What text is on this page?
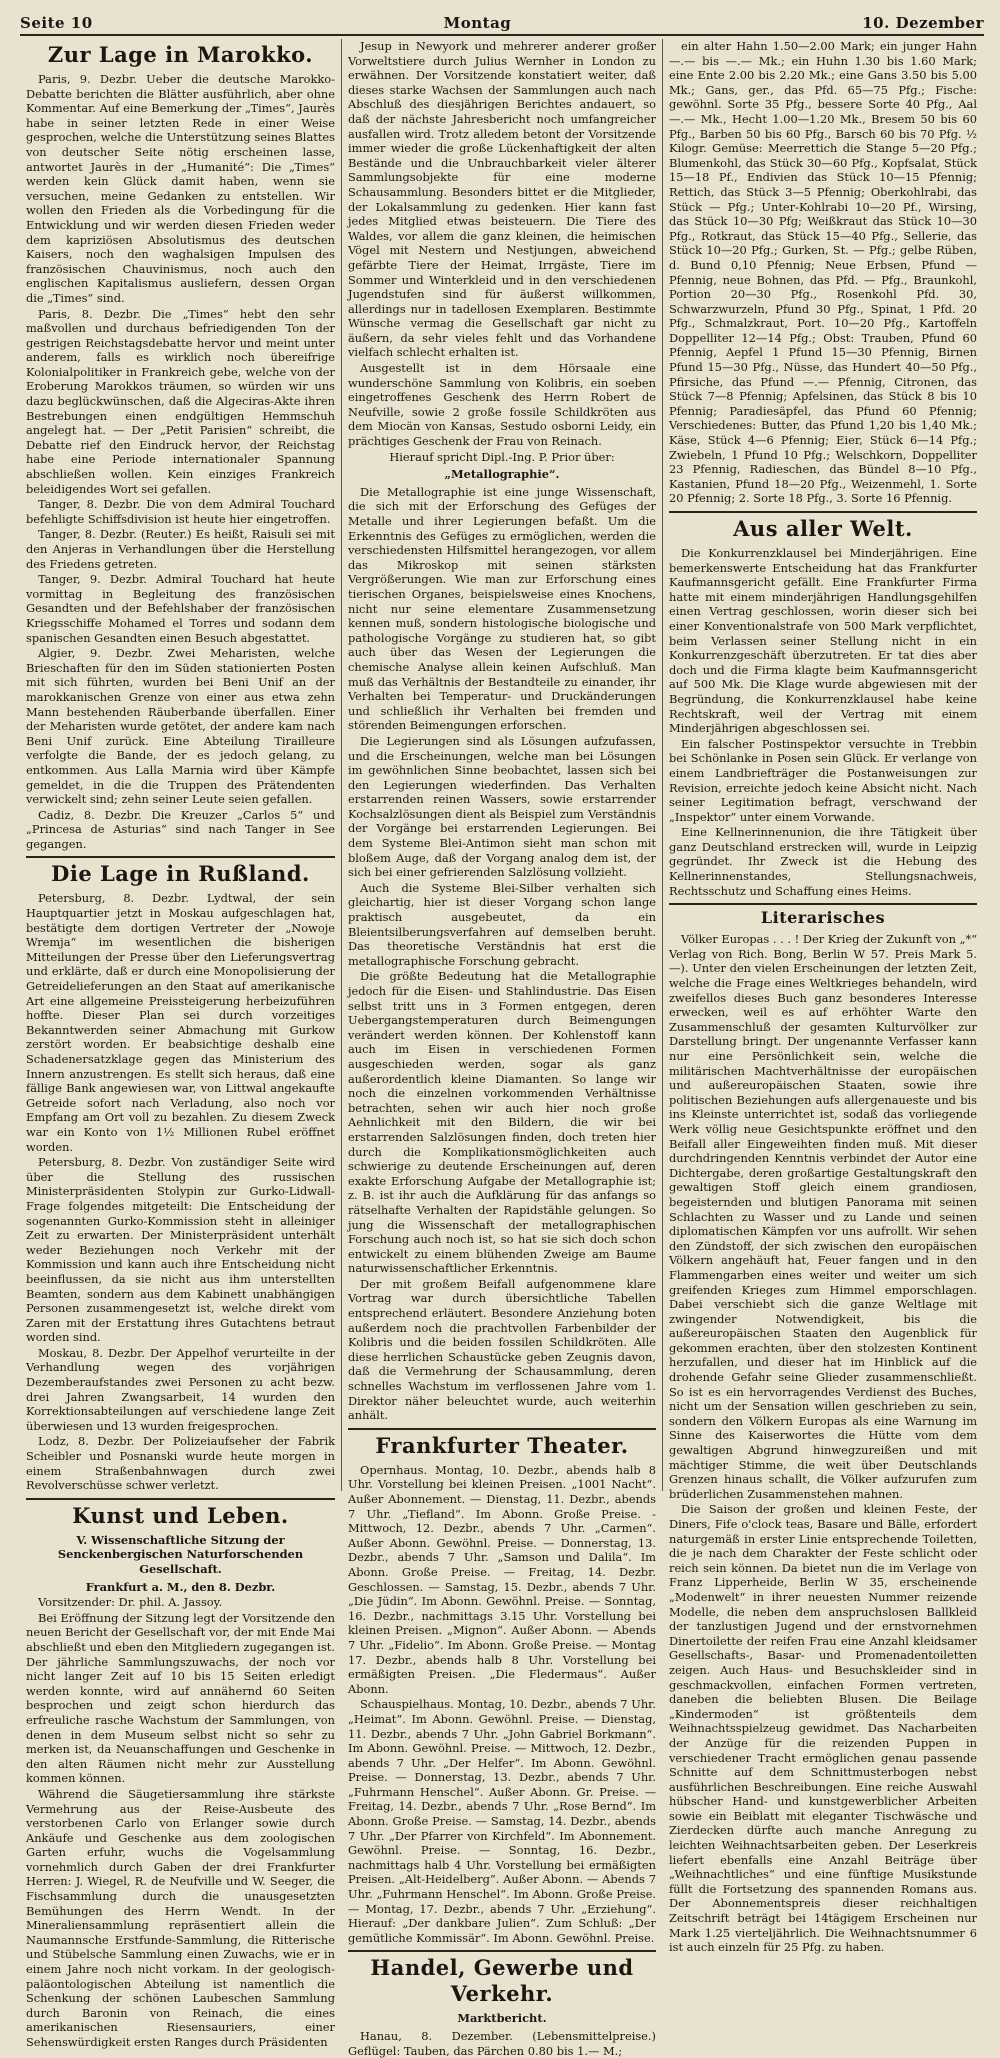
Seite 10	Montag	10. Dezember
Zur Lage in Marokko.

Paris, 9. Dezbr. Ueber die deutsche Marokko-Debatte berichten die Blätter ausführlich, aber ohne Kommentar. Auf eine Bemerkung der „Times“, Jaurès habe in seiner letzten Rede in einer Weise gesprochen, welche die Unterstützung seines Blattes von deutscher Seite nötig erscheinen lasse, antwortet Jaurès in der „Humanité“: Die „Times“ werden kein Glück damit haben, wenn sie versuchen, meine Gedanken zu entstellen. Wir wollen den Frieden als die Vorbedingung für die Entwicklung und wir werden diesen Frieden weder dem kapriziösen Absolutismus des deutschen Kaisers, noch den waghalsigen Impulsen des französischen Chauvinismus, noch auch den englischen Kapitalismus ausliefern, dessen Organ die „Times“ sind.

Paris, 8. Dezbr. Die „Times“ hebt den sehr maßvollen und durchaus befriedigenden Ton der gestrigen Reichstagsdebatte hervor und meint unter anderem, falls es wirklich noch übereifrige Kolonialpolitiker in Frankreich gebe, welche von der Eroberung Marokkos träumen, so würden wir uns dazu beglückwünschen, daß die Algeciras-Akte ihren Bestrebungen einen endgültigen Hemmschuh angelegt hat. — Der „Petit Parisien“ schreibt, die Debatte rief den Eindruck hervor, der Reichstag habe eine Periode internationaler Spannung abschließen wollen. Kein einziges Frankreich beleidigendes Wort sei gefallen.

Tanger, 8. Dezbr. Die von dem Admiral Touchard befehligte Schiffsdivision ist heute hier eingetroffen.

Tanger, 8. Dezbr. (Reuter.) Es heißt, Raisuli sei mit den Anjeras in Verhandlungen über die Herstellung des Friedens getreten.

Tanger, 9. Dezbr. Admiral Touchard hat heute vormittag in Begleitung des französischen Gesandten und der Befehlshaber der französischen Kriegsschiffe Mohamed el Torres und sodann dem spanischen Gesandten einen Besuch abgestattet.

Algier, 9. Dezbr. Zwei Meharisten, welche Brieschaften für den im Süden stationierten Posten mit sich führten, wurden bei Beni Unif an der marokkanischen Grenze von einer aus etwa zehn Mann bestehenden Räuberbande überfallen. Einer der Meharisten wurde getötet, der andere kam nach Beni Unif zurück. Eine Abteilung Tirailleure verfolgte die Bande, der es jedoch gelang, zu entkommen. Aus Lalla Marnia wird über Kämpfe gemeldet, in die die Truppen des Prätendenten verwickelt sind; zehn seiner Leute seien gefallen.

Cadiz, 8. Dezbr. Die Kreuzer „Carlos 5“ und „Princesa de Asturias“ sind nach Tanger in See gegangen.

Die Lage in Rußland.

Petersburg, 8. Dezbr. Lydtwal, der sein Hauptquartier jetzt in Moskau aufgeschlagen hat, bestätigte dem dortigen Vertreter der „Nowoje Wremja“ im wesentlichen die bisherigen Mitteilungen der Presse über den Lieferungsvertrag und erklärte, daß er durch eine Monopolisierung der Getreidelieferungen an den Staat auf amerikanische Art eine allgemeine Preissteigerung herbeizuführen hoffte. Dieser Plan sei durch vorzeitiges Bekanntwerden seiner Abmachung mit Gurkow zerstört worden. Er beabsichtige deshalb eine Schadenersatzklage gegen das Ministerium des Innern anzustrengen. Es stellt sich heraus, daß eine fällige Bank angewiesen war, von Littwal angekaufte Getreide sofort nach Verladung, also noch vor Empfang am Ort voll zu bezahlen. Zu diesem Zweck war ein Konto von 1½ Millionen Rubel eröffnet worden.

Petersburg, 8. Dezbr. Von zuständiger Seite wird über die Stellung des russischen Ministerpräsidenten Stolypin zur Gurko-Lidwall-Frage folgendes mitgeteilt: Die Entscheidung der sogenannten Gurko-Kommission steht in alleiniger Zeit zu erwarten. Der Ministerpräsident unterhält weder Beziehungen noch Verkehr mit der Kommission und kann auch ihre Entscheidung nicht beeinflussen, da sie nicht aus ihm unterstellten Beamten, sondern aus dem Kabinett unabhängigen Personen zusammengesetzt ist, welche direkt vom Zaren mit der Erstattung ihres Gutachtens betraut worden sind.

Moskau, 8. Dezbr. Der Appelhof verurteilte in der Verhandlung wegen des vorjährigen Dezemberaufstandes zwei Personen zu acht bezw. drei Jahren Zwangsarbeit, 14 wurden den Korrektionsabteilungen auf verschiedene lange Zeit überwiesen und 13 wurden freigesprochen.

Lodz, 8. Dezbr. Der Polizeiaufseher der Fabrik Scheibler und Posnanski wurde heute morgen in einem Straßenbahnwagen durch zwei Revolverschüsse schwer verletzt.

Kunst und Leben.
V. Wissenschaftliche Sitzung der Senckenbergischen Naturforschenden Gesellschaft.

Frankfurt a. M., den 8. Dezbr.

Vorsitzender: Dr. phil. A. Jassoy.

Bei Eröffnung der Sitzung legt der Vorsitzende den neuen Bericht der Gesellschaft vor, der mit Ende Mai abschließt und eben den Mitgliedern zugegangen ist. Der jährliche Sammlungszuwachs, der noch vor nicht langer Zeit auf 10 bis 15 Seiten erledigt werden konnte, wird auf annähernd 60 Seiten besprochen und zeigt schon hierdurch das erfreuliche rasche Wachstum der Sammlungen, von denen in dem Museum selbst nicht so sehr zu merken ist, da Neuanschaffungen und Geschenke in den alten Räumen nicht mehr zur Ausstellung kommen können.

Während die Säugetiersammlung ihre stärkste Vermehrung aus der Reise-Ausbeute des verstorbenen Carlo von Erlanger sowie durch Ankäufe und Geschenke aus dem zoologischen Garten erfuhr, wuchs die Vogelsammlung vornehmlich durch Gaben der drei Frankfurter Herren: J. Wiegel, R. de Neufville und W. Seeger, die Fischsammlung durch die unausgesetzten Bemühungen des Herrn Wendt. In der Mineraliensammlung repräsentiert allein die Naumannsche Erstfunde-Sammlung, die Ritterische und Stübelsche Sammlung einen Zuwachs, wie er in einem Jahre noch nicht vorkam. In der geologisch-paläontologischen Abteilung ist namentlich die Schenkung der schönen Laubeschen Sammlung durch Baronin von Reinach, die eines amerikanischen Riesensauriers, einer Sehenswürdigkeit ersten Ranges durch Präsidenten

Jesup in Newyork und mehrerer anderer großer Vorweltstiere durch Julius Wernher in London zu erwähnen. Der Vorsitzende konstatiert weiter, daß dieses starke Wachsen der Sammlungen auch nach Abschluß des diesjährigen Berichtes andauert, so daß der nächste Jahresbericht noch umfangreicher ausfallen wird. Trotz alledem betont der Vorsitzende immer wieder die große Lückenhaftigkeit der alten Bestände und die Unbrauchbarkeit vieler älterer Sammlungsobjekte für eine moderne Schausammlung. Besonders bittet er die Mitglieder, der Lokalsammlung zu gedenken. Hier kann fast jedes Mitglied etwas beisteuern. Die Tiere des Waldes, vor allem die ganz kleinen, die heimischen Vögel mit Nestern und Nestjungen, abweichend gefärbte Tiere der Heimat, Irrgäste, Tiere im Sommer und Winterkleid und in den verschiedenen Jugendstufen sind für äußerst willkommen, allerdings nur in tadellosen Exemplaren. Bestimmte Wünsche vermag die Gesellschaft gar nicht zu äußern, da sehr vieles fehlt und das Vorhandene vielfach schlecht erhalten ist.

Ausgestellt ist in dem Hörsaale eine wunderschöne Sammlung von Kolibris, ein soeben eingetroffenes Geschenk des Herrn Robert de Neufville, sowie 2 große fossile Schildkröten aus dem Miocän von Kansas, Sestudo osborni Leidy, ein prächtiges Geschenk der Frau von Reinach.

Hierauf spricht Dipl.-Ing. P. Prior über:

„Metallographie“.

Die Metallographie ist eine junge Wissenschaft, die sich mit der Erforschung des Gefüges der Metalle und ihrer Legierungen befaßt. Um die Erkenntnis des Gefüges zu ermöglichen, werden die verschiedensten Hilfsmittel herangezogen, vor allem das Mikroskop mit seinen stärksten Vergrößerungen. Wie man zur Erforschung eines tierischen Organes, beispielsweise eines Knochens, nicht nur seine elementare Zusammensetzung kennen muß, sondern histologische biologische und pathologische Vorgänge zu studieren hat, so gibt auch über das Wesen der Legierungen die chemische Analyse allein keinen Aufschluß. Man muß das Verhältnis der Bestandteile zu einander, ihr Verhalten bei Temperatur- und Druckänderungen und schließlich ihr Verhalten bei fremden und störenden Beimengungen erforschen.

Die Legierungen sind als Lösungen aufzufassen, und die Erscheinungen, welche man bei Lösungen im gewöhnlichen Sinne beobachtet, lassen sich bei den Legierungen wiederfinden. Das Verhalten erstarrenden reinen Wassers, sowie erstarrender Kochsalzlösungen dient als Beispiel zum Verständnis der Vorgänge bei erstarrenden Legierungen. Bei dem Systeme Blei-Antimon sieht man schon mit bloßem Auge, daß der Vorgang analog dem ist, der sich bei einer gefrierenden Salzlösung vollzieht.

Auch die Systeme Blei-Silber verhalten sich gleichartig, hier ist dieser Vorgang schon lange praktisch ausgebeutet, da ein Bleientsilberungsverfahren auf demselben beruht. Das theoretische Verständnis hat erst die metallographische Forschung gebracht.

Die größte Bedeutung hat die Metallographie jedoch für die Eisen- und Stahlindustrie. Das Eisen selbst tritt uns in 3 Formen entgegen, deren Uebergangstemperaturen durch Beimengungen verändert werden können. Der Kohlenstoff kann auch im Eisen in verschiedenen Formen ausgeschieden werden, sogar als ganz außerordentlich kleine Diamanten. So lange wir noch die einzelnen vorkommenden Verhältnisse betrachten, sehen wir auch hier noch große Aehnlichkeit mit den Bildern, die wir bei erstarrenden Salzlösungen finden, doch treten hier durch die Komplikationsmöglichkeiten auch schwierige zu deutende Erscheinungen auf, deren exakte Erforschung Aufgabe der Metallographie ist; z. B. ist ihr auch die Aufklärung für das anfangs so rätselhafte Verhalten der Rapidstähle gelungen. So jung die Wissenschaft der metallographischen Forschung auch noch ist, so hat sie sich doch schon entwickelt zu einem blühenden Zweige am Baume naturwissenschaftlicher Erkenntnis.

Der mit großem Beifall aufgenommene klare Vortrag war durch übersichtliche Tabellen entsprechend erläutert. Besondere Anziehung boten außerdem noch die prachtvollen Farbenbilder der Kolibris und die beiden fossilen Schildkröten. Alle diese herrlichen Schaustücke geben Zeugnis davon, daß die Vermehrung der Schausammlung, deren schnelles Wachstum im verflossenen Jahre vom 1. Direktor näher beleuchtet wurde, auch weiterhin anhält.

Frankfurter Theater.

Opernhaus. Montag, 10. Dezbr., abends halb 8 Uhr. Vorstellung bei kleinen Preisen. „1001 Nacht“. Außer Abonnement. — Dienstag, 11. Dezbr., abends 7 Uhr. „Tiefland“. Im Abonn. Große Preise. - Mittwoch, 12. Dezbr., abends 7 Uhr. „Carmen“. Außer Abonn. Gewöhnl. Preise. — Donnerstag, 13. Dezbr., abends 7 Uhr. „Samson und Dalila“. Im Abonn. Große Preise. — Freitag, 14. Dezbr. Geschlossen. — Samstag, 15. Dezbr., abends 7 Uhr. „Die Jüdin“. Im Abonn. Gewöhnl. Preise. — Sonntag, 16. Dezbr., nachmittags 3.15 Uhr. Vorstellung bei kleinen Preisen. „Mignon“. Außer Abonn. — Abends 7 Uhr. „Fidelio“. Im Abonn. Große Preise. — Montag 17. Dezbr., abends halb 8 Uhr. Vorstellung bei ermäßigten Preisen. „Die Fledermaus“. Außer Abonn.

Schauspielhaus. Montag, 10. Dezbr., abends 7 Uhr. „Heimat“. Im Abonn. Gewöhnl. Preise. — Dienstag, 11. Dezbr., abends 7 Uhr. „John Gabriel Borkmann“. Im Abonn. Gewöhnl. Preise. — Mittwoch, 12. Dezbr., abends 7 Uhr. „Der Helfer“. Im Abonn. Gewöhnl. Preise. — Donnerstag, 13. Dezbr., abends 7 Uhr. „Fuhrmann Henschel“. Außer Abonn. Gr. Preise. — Freitag, 14. Dezbr., abends 7 Uhr. „Rose Bernd“. Im Abonn. Große Preise. — Samstag, 14. Dezbr., abends 7 Uhr. „Der Pfarrer von Kirchfeld“. Im Abonnement. Gewöhnl. Preise. — Sonntag, 16. Dezbr., nachmittags halb 4 Uhr. Vorstellung bei ermäßigten Preisen. „Alt-Heidelberg“. Außer Abonn. — Abends 7 Uhr. „Fuhrmann Henschel“. Im Abonn. Große Preise. — Montag, 17. Dezbr., abends 7 Uhr. „Erziehung“. Hierauf: „Der dankbare Julien“. Zum Schluß: „Der gemütliche Kommissär“. Im Abonn. Gewöhnl. Preise.

Handel, Gewerbe und Verkehr.
Marktbericht.

Hanau, 8. Dezember. (Lebensmittelpreise.) Geflügel: Tauben, das Pärchen 0.80 bis 1.— M.;

ein alter Hahn 1.50—2.00 Mark; ein junger Hahn —.— bis —.— Mk.; ein Huhn 1.30 bis 1.60 Mark; eine Ente 2.00 bis 2.20 Mk.; eine Gans 3.50 bis 5.00 Mk.; Gans, ger., das Pfd. 65—75 Pfg.; Fische: gewöhnl. Sorte 35 Pfg., bessere Sorte 40 Pfg., Aal —.— Mk., Hecht 1.00—1.20 Mk., Bresem 50 bis 60 Pfg., Barben 50 bis 60 Pfg., Barsch 60 bis 70 Pfg. ½ Kilogr. Gemüse: Meerrettich die Stange 5—20 Pfg.; Blumenkohl, das Stück 30—60 Pfg., Kopfsalat, Stück 15—18 Pf., Endivien das Stück 10—15 Pfennig; Rettich, das Stück 3—5 Pfennig; Oberkohlrabi, das Stück — Pfg.; Unter-Kohlrabi 10—20 Pf., Wirsing, das Stück 10—30 Pfg; Weißkraut das Stück 10—30 Pfg., Rotkraut, das Stück 15—40 Pfg., Sellerie, das Stück 10—20 Pfg.; Gurken, St. — Pfg.; gelbe Rüben, d. Bund 0,10 Pfennig; Neue Erbsen, Pfund — Pfennig, neue Bohnen, das Pfd. — Pfg., Braunkohl, Portion 20—30 Pfg., Rosenkohl Pfd. 30, Schwarzwurzeln, Pfund 30 Pfg., Spinat, 1 Pfd. 20 Pfg., Schmalzkraut, Port. 10—20 Pfg., Kartoffeln Doppelliter 12—14 Pfg.; Obst: Trauben, Pfund 60 Pfennig, Aepfel 1 Pfund 15—30 Pfennig, Birnen Pfund 15—30 Pfg., Nüsse, das Hundert 40—50 Pfg., Pfirsiche, das Pfund —.— Pfennig, Citronen, das Stück 7—8 Pfennig; Apfelsinen, das Stück 8 bis 10 Pfennig; Paradiesäpfel, das Pfund 60 Pfennig; Verschiedenes: Butter, das Pfund 1,20 bis 1,40 Mk.; Käse, Stück 4—6 Pfennig; Eier, Stück 6—14 Pfg.; Zwiebeln, 1 Pfund 10 Pfg.; Welschkorn, Doppelliter 23 Pfennig, Radieschen, das Bündel 8—10 Pfg., Kastanien, Pfund 18—20 Pfg., Weizenmehl, 1. Sorte 20 Pfennig; 2. Sorte 18 Pfg., 3. Sorte 16 Pfennig.

Aus aller Welt.

Die Konkurrenzklausel bei Minderjährigen. Eine bemerkenswerte Entscheidung hat das Frankfurter Kaufmannsgericht gefällt. Eine Frankfurter Firma hatte mit einem minderjährigen Handlungsgehilfen einen Vertrag geschlossen, worin dieser sich bei einer Konventionalstrafe von 500 Mark verpflichtet, beim Verlassen seiner Stellung nicht in ein Konkurrenzgeschäft überzutreten. Er tat dies aber doch und die Firma klagte beim Kaufmannsgericht auf 500 Mk. Die Klage wurde abgewiesen mit der Begründung, die Konkurrenzklausel habe keine Rechtskraft, weil der Vertrag mit einem Minderjährigen abgeschlossen sei.

Ein falscher Postinspektor versuchte in Trebbin bei Schönlanke in Posen sein Glück. Er verlange von einem Landbriefträger die Postanweisungen zur Revision, erreichte jedoch keine Absicht nicht. Nach seiner Legitimation befragt, verschwand der „Inspektor“ unter einem Vorwande.

Eine Kellnerinnenunion, die ihre Tätigkeit über ganz Deutschland erstrecken will, wurde in Leipzig gegründet. Ihr Zweck ist die Hebung des Kellnerinnenstandes, Stellungsnachweis, Rechtsschutz und Schaffung eines Heims.

Literarisches

Völker Europas . . . ! Der Krieg der Zukunft von „*“ Verlag von Rich. Bong, Berlin W 57. Preis Mark 5.—). Unter den vielen Erscheinungen der letzten Zeit, welche die Frage eines Weltkrieges behandeln, wird zweifellos dieses Buch ganz besonderes Interesse erwecken, weil es auf erhöhter Warte den Zusammenschluß der gesamten Kulturvölker zur Darstellung bringt. Der ungenannte Verfasser kann nur eine Persönlichkeit sein, welche die militärischen Machtverhältnisse der europäischen und außereuropäischen Staaten, sowie ihre politischen Beziehungen aufs allergenaueste und bis ins Kleinste unterrichtet ist, sodaß das vorliegende Werk völlig neue Gesichtspunkte eröffnet und den Beifall aller Eingeweihten finden muß. Mit dieser durchdringenden Kenntnis verbindet der Autor eine Dichtergabe, deren großartige Gestaltungskraft den gewaltigen Stoff gleich einem grandiosen, begeisternden und blutigen Panorama mit seinen Schlachten zu Wasser und zu Lande und seinen diplomatischen Kämpfen vor uns aufrollt. Wir sehen den Zündstoff, der sich zwischen den europäischen Völkern angehäuft hat, Feuer fangen und in den Flammengarben eines weiter und weiter um sich greifenden Krieges zum Himmel emporschlagen. Dabei verschiebt sich die ganze Weltlage mit zwingender Notwendigkeit, bis die außereuropäischen Staaten den Augenblick für gekommen erachten, über den stolzesten Kontinent herzufallen, und dieser hat im Hinblick auf die drohende Gefahr seine Glieder zusammenschließt. So ist es ein hervorragendes Verdienst des Buches, nicht um der Sensation willen geschrieben zu sein, sondern den Völkern Europas als eine Warnung im Sinne des Kaiserwortes die Hütte vom dem gewaltigen Abgrund hinwegzureißen und mit mächtiger Stimme, die weit über Deutschlands Grenzen hinaus schallt, die Völker aufzurufen zum brüderlichen Zusammenstehen mahnen.

Die Saison der großen und kleinen Feste, der Diners, Fife o'clock teas, Basare und Bälle, erfordert naturgemäß in erster Linie entsprechende Toiletten, die je nach dem Charakter der Feste schlicht oder reich sein können. Da bietet nun die im Verlage von Franz Lipperheide, Berlin W 35, erscheinende „Modenwelt“ in ihrer neuesten Nummer reizende Modelle, die neben dem anspruchslosen Ballkleid der tanzlustigen Jugend und der ernstvornehmen Dinertoilette der reifen Frau eine Anzahl kleidsamer Gesellschafts-, Basar- und Promenadentoiletten zeigen. Auch Haus- und Besuchskleider sind in geschmackvollen, einfachen Formen vertreten, daneben die beliebten Blusen. Die Beilage „Kindermoden“ ist größtenteils dem Weihnachtsspielzeug gewidmet. Das Nacharbeiten der Anzüge für die reizenden Puppen in verschiedener Tracht ermöglichen genau passende Schnitte auf dem Schnittmusterbogen nebst ausführlichen Beschreibungen. Eine reiche Auswahl hübscher Hand- und kunstgewerblicher Arbeiten sowie ein Beiblatt mit eleganter Tischwäsche und Zierdecken dürfte auch manche Anregung zu leichten Weihnachtsarbeiten geben. Der Leserkreis liefert ebenfalls eine Anzahl Beiträge über „Weihnachtliches“ und eine fünftige Musikstunde füllt die Fortsetzung des spannenden Romans aus. Der Abonnementspreis dieser reichhaltigen Zeitschrift beträgt bei 14tägigem Erscheinen nur Mark 1.25 vierteljährlich. Die Weihnachtsnummer 6 ist auch einzeln für 25 Pfg. zu haben.
